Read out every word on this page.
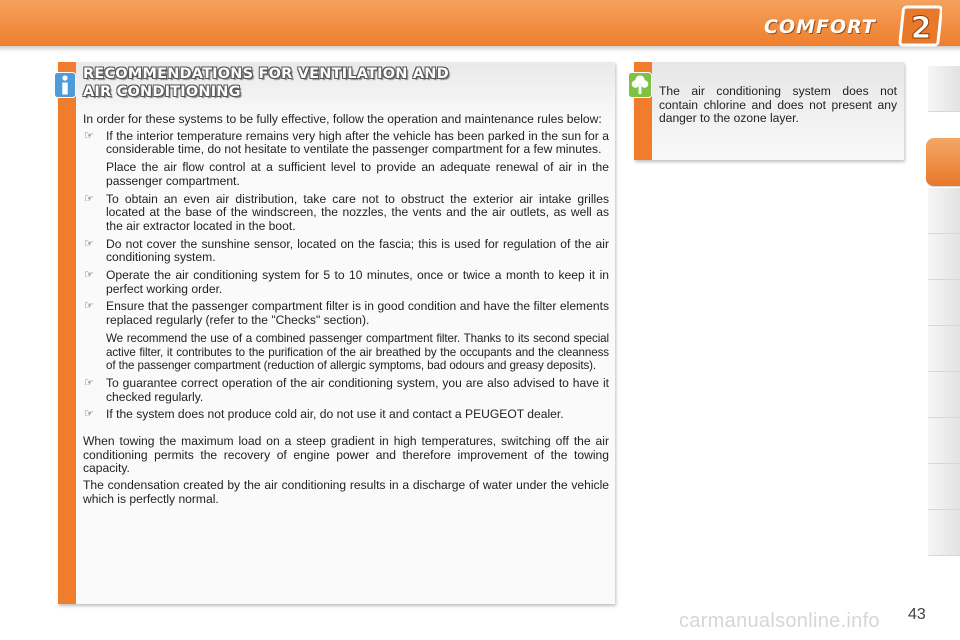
COMFORT 2
RECOMMENDATIONS FOR VENTILATION AND
AIR CONDITIONING

In order for these systems to be fully effective, follow the operation and maintenance rules below:

☞	If the interior temperature remains very high after the vehicle has been parked in the sun for a considerable time, do not hesitate to ventilate the passenger compartment for a few minutes.
Place the air flow control at a sufficient level to provide an adequate renewal of air in the passenger compartment.
☞	To obtain an even air distribution, take care not to obstruct the exterior air intake grilles located at the base of the windscreen, the nozzles, the vents and the air outlets, as well as the air extractor located in the boot.
☞	Do not cover the sunshine sensor, located on the fascia; this is used for regulation of the air conditioning system.
☞	Operate the air conditioning system for 5 to 10 minutes, once or twice a month to keep it in perfect working order.
☞	Ensure that the passenger compartment filter is in good condition and have the filter elements replaced regularly (refer to the "Checks" section).
We recommend the use of a combined passenger compartment filter. Thanks to its second special active filter, it contributes to the purification of the air breathed by the occupants and the cleanness of the passenger compartment (reduction of allergic symptoms, bad odours and greasy deposits).
☞	To guarantee correct operation of the air conditioning system, you are also advised to have it checked regularly.
☞	If the system does not produce cold air, do not use it and contact a PEUGEOT dealer.

When towing the maximum load on a steep gradient in high temperatures, switching off the air conditioning permits the recovery of engine power and therefore improvement of the towing capacity.

The condensation created by the air conditioning results in a discharge of water under the vehicle which is perfectly normal.

The air conditioning system does not contain chlorine and does not present any danger to the ozone layer.

carmanualsonline.info 43
